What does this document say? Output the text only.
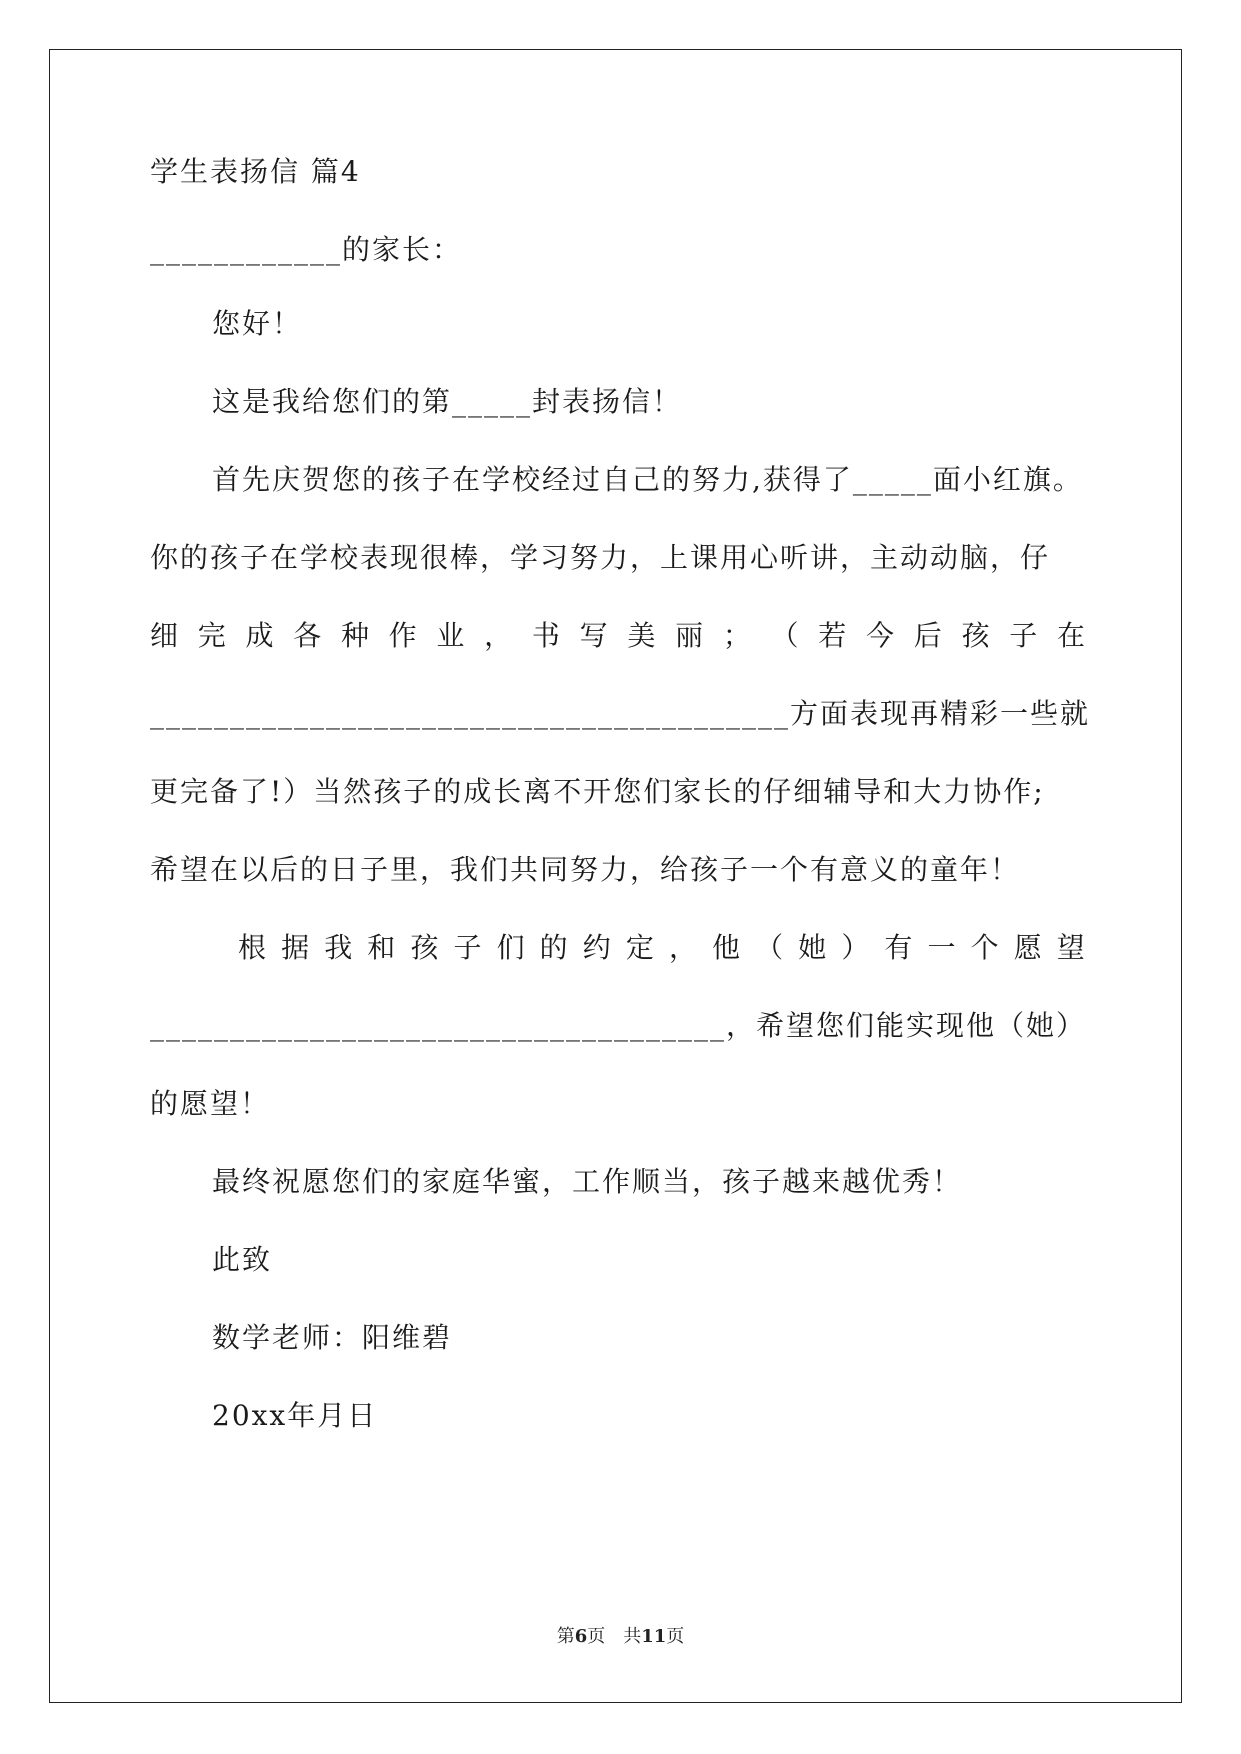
学生表扬信 篇4
____________的家长：
您好！
这是我给您们的第_____封表扬信！
首先庆贺您的孩子在学校经过自己的努力,获得了_____面小红旗。
你的孩子在学校表现很棒，学习努力，上课用心听讲，主动动脑，仔
细 完 成 各 种 作 业 ， 书 写 美 丽 ； （ 若 今 后 孩 子 在
________________________________________方面表现再精彩一些就
更完备了!）当然孩子的成长离不开您们家长的仔细辅导和大力协作;
希望在以后的日子里，我们共同努力，给孩子一个有意义的童年！
根 据 我 和 孩 子 们 的 约 定 ， 他 （ 她 ） 有 一 个 愿 望
____________________________________，希望您们能实现他（她）
的愿望！
最终祝愿您们的家庭华蜜，工作顺当，孩子越来越优秀！
此致
数学老师：阳维碧
20xx年月日
第6页　共11页
